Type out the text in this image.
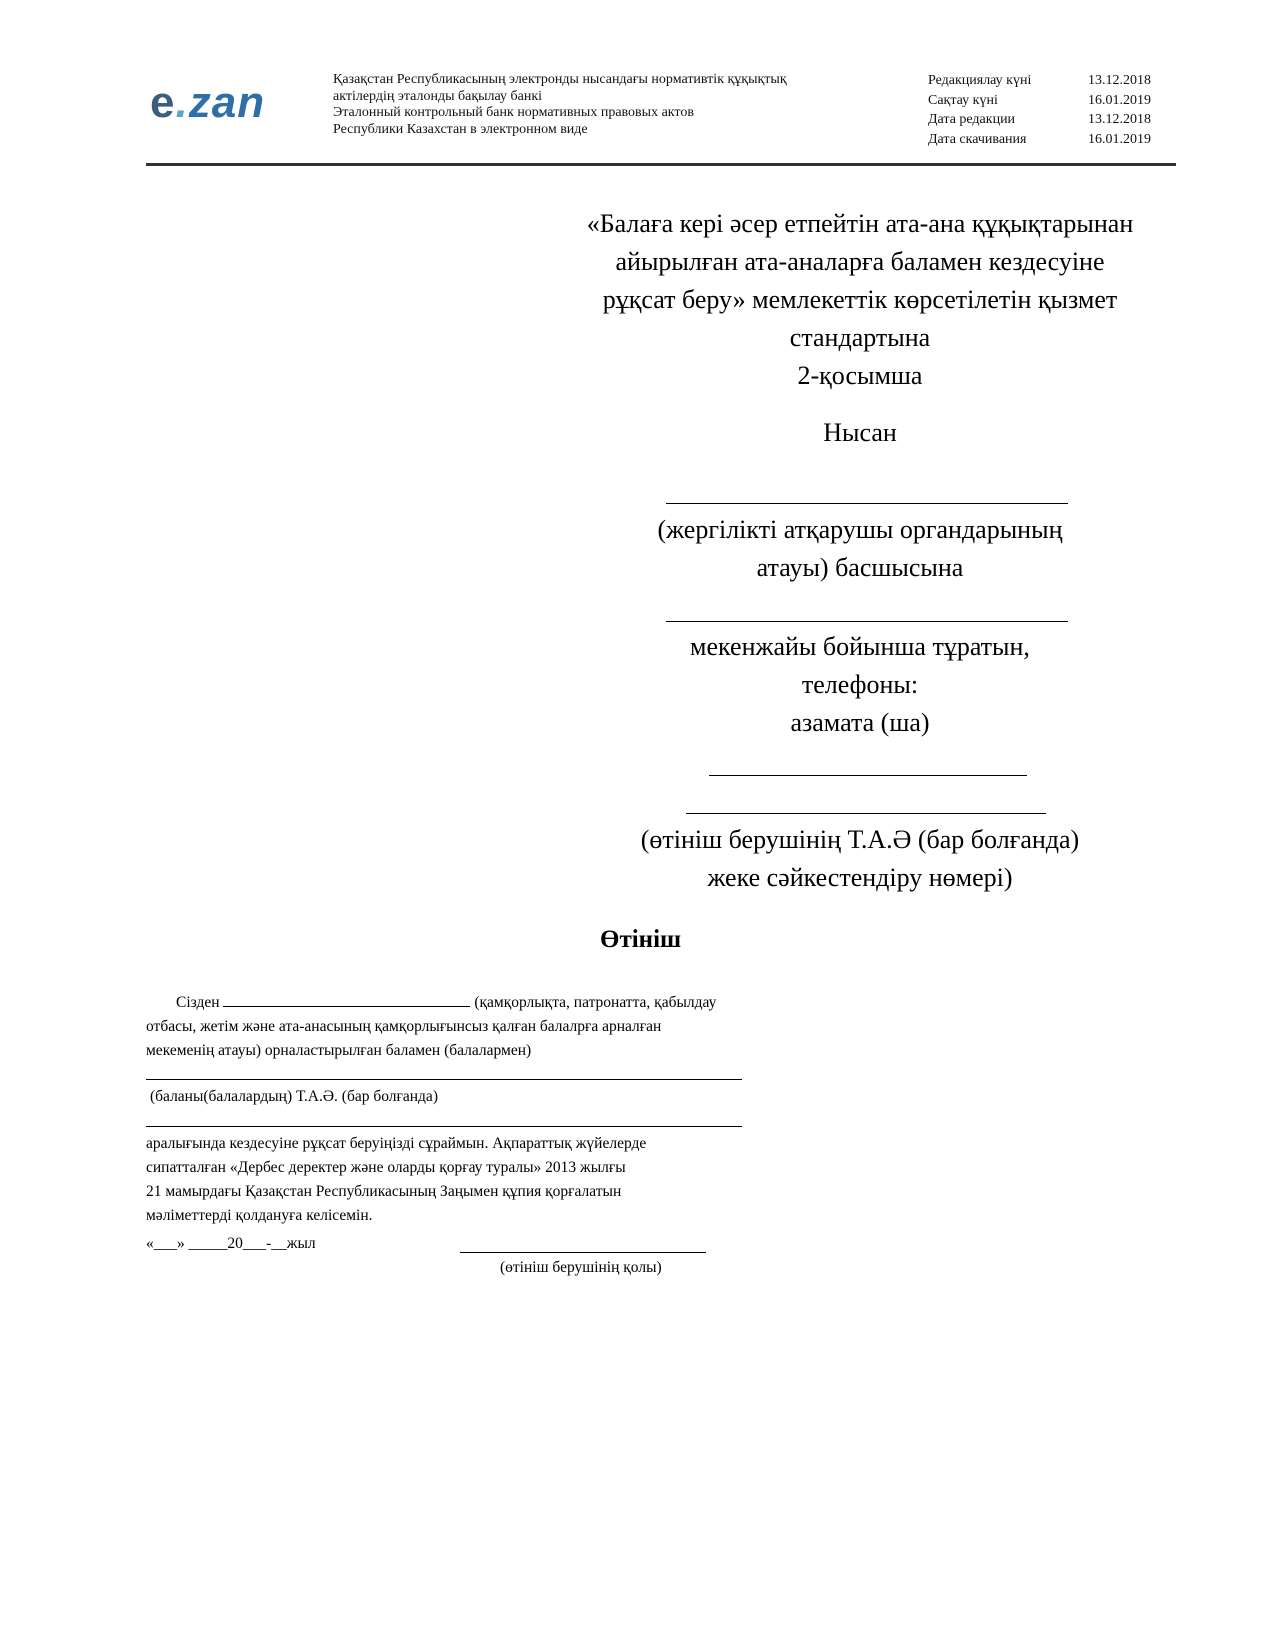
e.zan	Қазақстан Республикасының электронды нысандағы нормативтік құқықтық
актілердің эталонды бақылау банкі
Эталонный контрольный банк нормативных правовых актов
Республики Казахстан в электронном виде
Редакциялау күні	13.12.2018
Сақтау күні	16.01.2019
Дата редакции	13.12.2018
Дата скачивания	16.01.2019
«Балаға кері әсер етпейтін ата-ана құқықтарынан
айырылған ата-аналарға баламен кездесуіне
рұқсат беру» мемлекеттік көрсетілетін қызмет
стандартына
2-қосымша
Нысан
(жергілікті атқарушы органдарының
атауы) басшысына
мекенжайы бойынша тұратын,
телефоны:
азамата (ша)
(өтініш берушінің Т.А.Ә (бар болғанда)
жеке сәйкестендіру нөмері)
Өтініш
Сізден	(қамқорлықта, патронатта, қабылдау
отбасы, жетім және ата-анасының қамқорлығынсыз қалған балалрға арналған
мекеменің атауы) орналастырылған баламен (балалармен)
(баланы(балалардың) Т.А.Ә. (бар болғанда)
аралығында кездесуіне рұқсат беруіңізді сұраймын. Ақпараттық жүйелерде
сипатталған «Дербес деректер және оларды қорғау туралы» 2013 жылғы
21 мамырдағы Қазақстан Республикасының Заңымен құпия қорғалатын
мәліметтерді қолдануға келісемін.
«___» _____20___-__жыл
(өтініш берушінің қолы)
